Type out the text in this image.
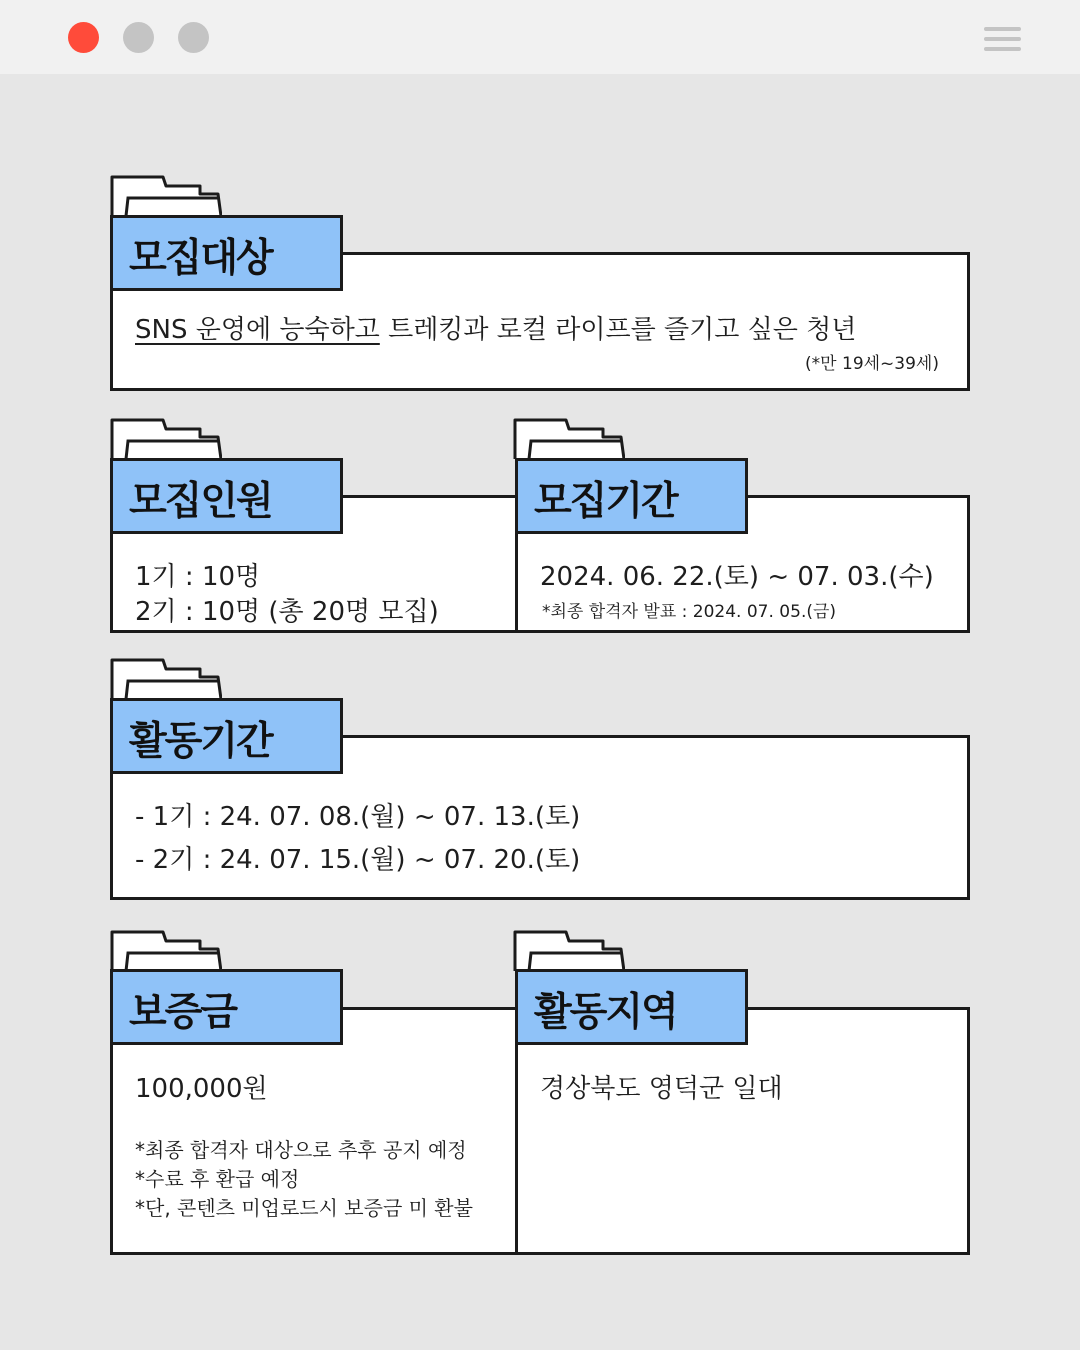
SNS 운영에 능숙하고 트레킹과 로컬 라이프를 즐기고 싶은 청년
(*만 19세~39세)
모집대상
1기 : 10명
2기 : 10명 (총 20명 모집)
모집인원
2024. 06. 22.(토) ~ 07. 03.(수)
*최종 합격자 발표 : 2024. 07. 05.(금)
모집기간
- 1기 : 24. 07. 08.(월) ~ 07. 13.(토)
- 2기 : 24. 07. 15.(월) ~ 07. 20.(토)
활동기간
100,000원
*최종 합격자 대상으로 추후 공지 예정
*수료 후 환급 예정
*단, 콘텐츠 미업로드시 보증금 미 환불
보증금
경상북도 영덕군 일대
활동지역
